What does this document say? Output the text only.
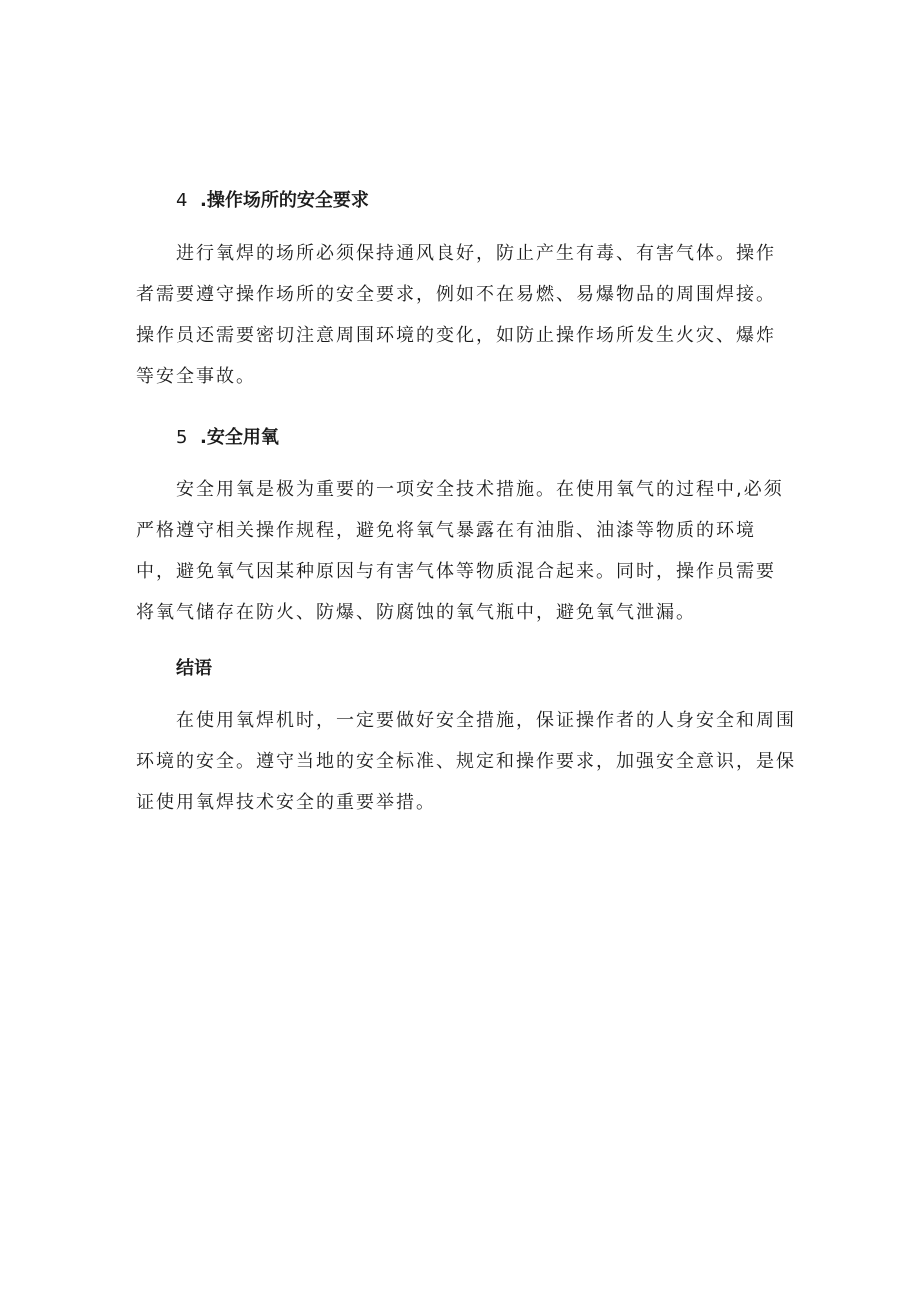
4 .操作场所的安全要求

进行氧焊的场所必须保持通风良好，防止产生有毒、有害气体。操作
者需要遵守操作场所的安全要求，例如不在易燃、易爆物品的周围焊接。
操作员还需要密切注意周围环境的变化，如防止操作场所发生火灾、爆炸
等安全事故。

5 .安全用氧

安全用氧是极为重要的一项安全技术措施。在使用氧气的过程中,必须
严格遵守相关操作规程，避免将氧气暴露在有油脂、油漆等物质的环境
中，避免氧气因某种原因与有害气体等物质混合起来。同时，操作员需要
将氧气储存在防火、防爆、防腐蚀的氧气瓶中，避免氧气泄漏。

结语

在使用氧焊机时，一定要做好安全措施，保证操作者的人身安全和周围
环境的安全。遵守当地的安全标准、规定和操作要求，加强安全意识，是保
证使用氧焊技术安全的重要举措。
